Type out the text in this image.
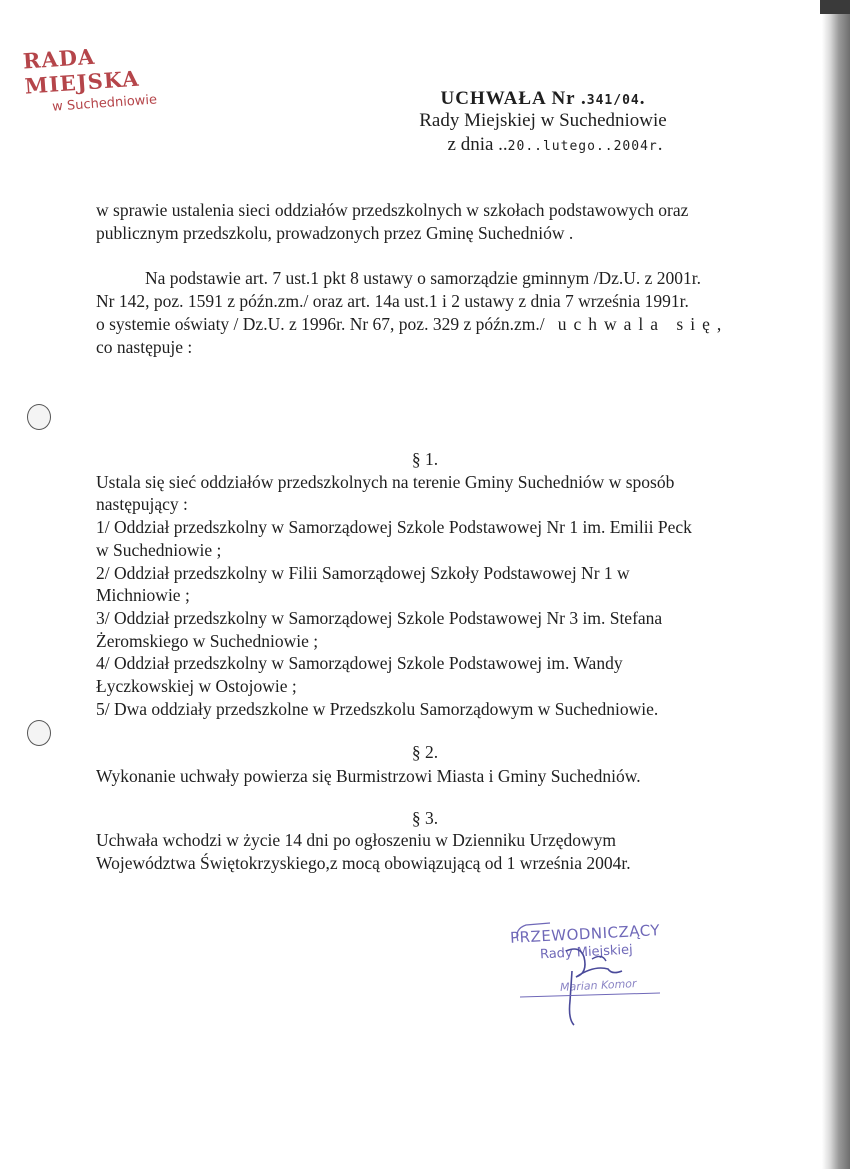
RADA MIEJSKA
w Suchedniowie	UCHWAŁA Nr .341/04.
Rady Miejskiej w Suchedniowie
z dnia ..20..lutego..2004r.
w sprawie ustalenia sieci oddziałów przedszkolnych w szkołach podstawowych oraz
publicznym przedszkolu, prowadzonych przez Gminę Suchedniów .
Na podstawie art. 7 ust.1 pkt 8 ustawy o samorządzie gminnym /Dz.U. z 2001r.
Nr 142, poz. 1591 z późn.zm./ oraz art. 14a ust.1 i 2 ustawy z dnia 7 września 1991r.
o systemie oświaty / Dz.U. z 1996r. Nr 67, poz. 329 z późn.zm./ uchwala się,
co następuje :
§ 1.
Ustala się sieć oddziałów przedszkolnych na terenie Gminy Suchedniów w sposób
następujący :
1/ Oddział przedszkolny w Samorządowej Szkole Podstawowej Nr 1 im. Emilii Peck
w Suchedniowie ;
2/ Oddział przedszkolny w Filii Samorządowej Szkoły Podstawowej Nr 1 w
Michniowie ;
3/ Oddział przedszkolny w Samorządowej Szkole Podstawowej Nr 3 im. Stefana
Żeromskiego w Suchedniowie ;
4/ Oddział przedszkolny w Samorządowej Szkole Podstawowej im. Wandy
Łyczkowskiej w Ostojowie ;
5/ Dwa oddziały przedszkolne w Przedszkolu Samorządowym w Suchedniowie.
§ 2.
Wykonanie uchwały powierza się Burmistrzowi Miasta i Gminy Suchedniów.
§ 3.
Uchwała wchodzi w życie 14 dni po ogłoszeniu w Dzienniku Urzędowym
Województwa Świętokrzyskiego,z mocą obowiązującą od 1 września 2004r.
PRZEWODNICZĄCY
Rady Miejskiej
Marian Komor
